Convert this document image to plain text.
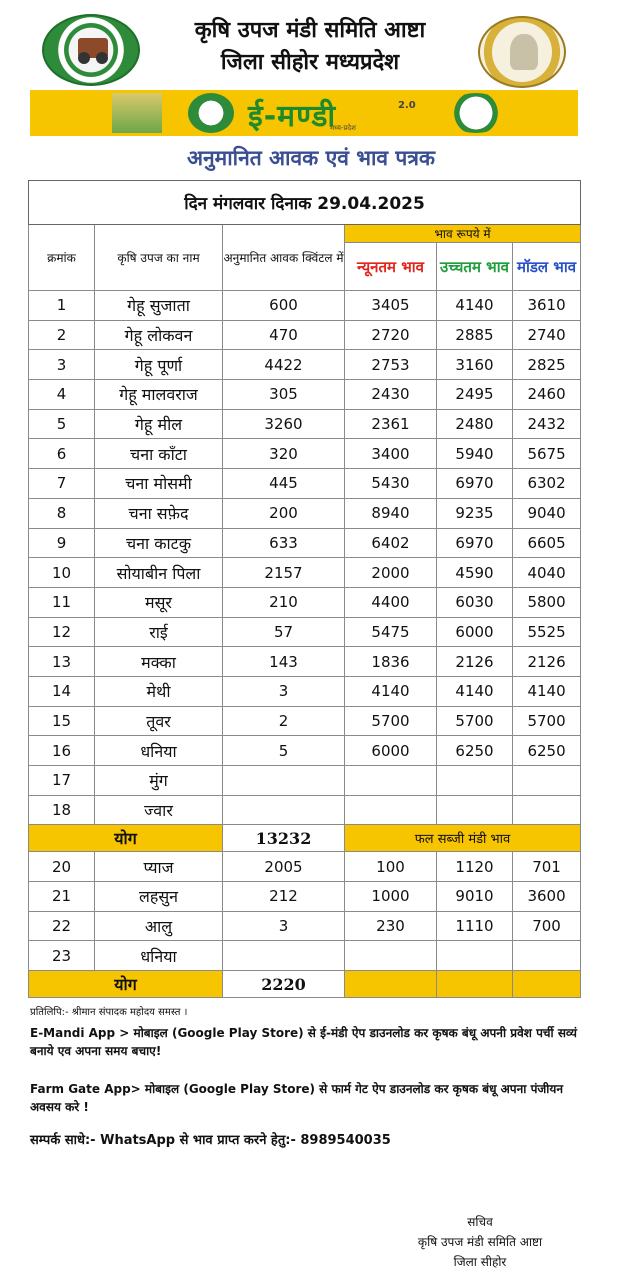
कृषि उपज मंडी समिति आष्टा
जिला सीहोर मध्यप्रदेश
ई-मण्डी	2.0
मध्य-प्रदेश
अनुमानित आवक एवं भाव पत्रक
दिन मंगलवार दिनाक 29.04.2025					
क्रमांक	कृषि उपज का नाम	अनुमानित आवक क्विंटल में	भाव रूपये में		
			न्यूनतम भाव	उच्चतम भाव	मॉडल भाव
1	गेहू सुजाता	600	3405	4140	3610
2	गेहू लोकवन	470	2720	2885	2740
3	गेहू पूर्णा	4422	2753	3160	2825
4	गेहू मालवराज	305	2430	2495	2460
5	गेहू मील	3260	2361	2480	2432
6	चना काँटा	320	3400	5940	5675
7	चना मोसमी	445	5430	6970	6302
8	चना सफ़ेद	200	8940	9235	9040
9	चना काटकु	633	6402	6970	6605
10	सोयाबीन पिला	2157	2000	4590	4040
11	मसूर	210	4400	6030	5800
12	राई	57	5475	6000	5525
13	मक्का	143	1836	2126	2126
14	मेथी	3	4140	4140	4140
15	तूवर	2	5700	5700	5700
16	धनिया	5	6000	6250	6250
17	मुंग				
18	ज्वार				
योग		13232	फल सब्जी मंडी भाव		
20	प्याज	2005	100	1120	701
21	लहसुन	212	1000	9010	3600
22	आलु	3	230	1110	700
23	धनिया				
योग		2220			
प्रतिलिपि:- श्रीमान संपादक महोदय समस्त ।
E-Mandi App > मोबाइल (Google Play Store) से ई-मंडी ऐप डाउनलोड कर कृषक बंधू अपनी प्रवेश पर्ची सव्यं बनाये एव अपना समय बचाए!
Farm Gate App> मोबाइल (Google Play Store) से फार्म गेट ऐप डाउनलोड कर कृषक बंधू अपना पंजीयन अवसय करे !
सम्पर्क साधे:- WhatsApp से भाव प्राप्त करने हेतु:- 8989540035
सचिव
कृषि उपज मंडी समिति आष्टा
जिला सीहोर
